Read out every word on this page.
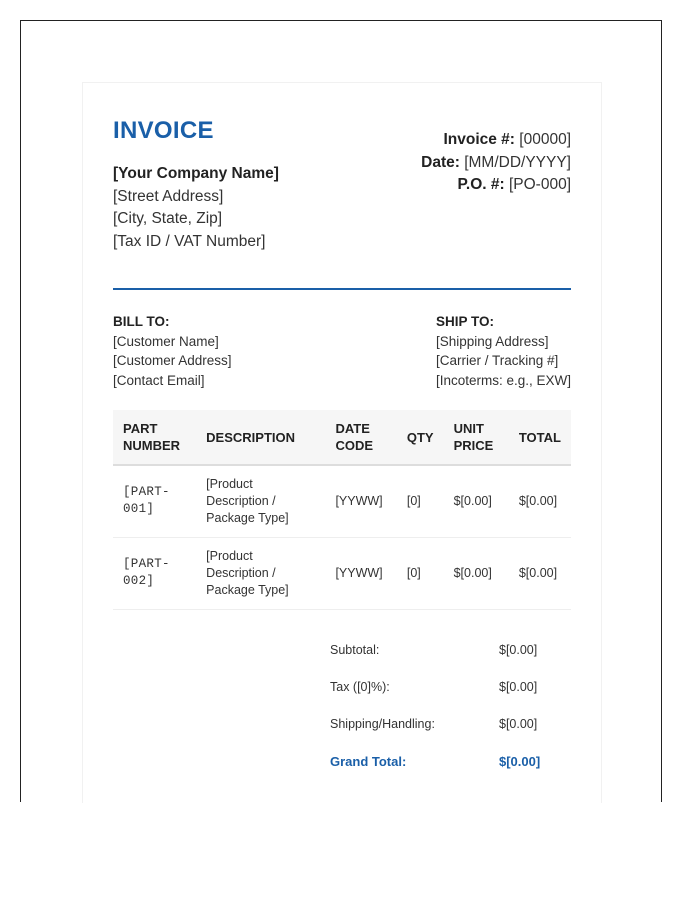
INVOICE
[Your Company Name]
[Street Address]
[City, State, Zip]
[Tax ID / VAT Number]
Invoice #: [00000]
Date: [MM/DD/YYYY]
P.O. #: [PO-000]
BILL TO:
[Customer Name]
[Customer Address]
[Contact Email]
SHIP TO:
[Shipping Address]
[Carrier / Tracking #]
[Incoterms: e.g., EXW]
PART NUMBER	DESCRIPTION	DATE CODE	QTY	UNIT PRICE	TOTAL
[PART-001]	[Product Description / Package Type]	[YYWW]	[0]	$[0.00]	$[0.00]
[PART-002]	[Product Description / Package Type]	[YYWW]	[0]	$[0.00]	$[0.00]
Subtotal:	$[0.00]
Tax ([0]%):	$[0.00]
Shipping/Handling:	$[0.00]
Grand Total:	$[0.00]
